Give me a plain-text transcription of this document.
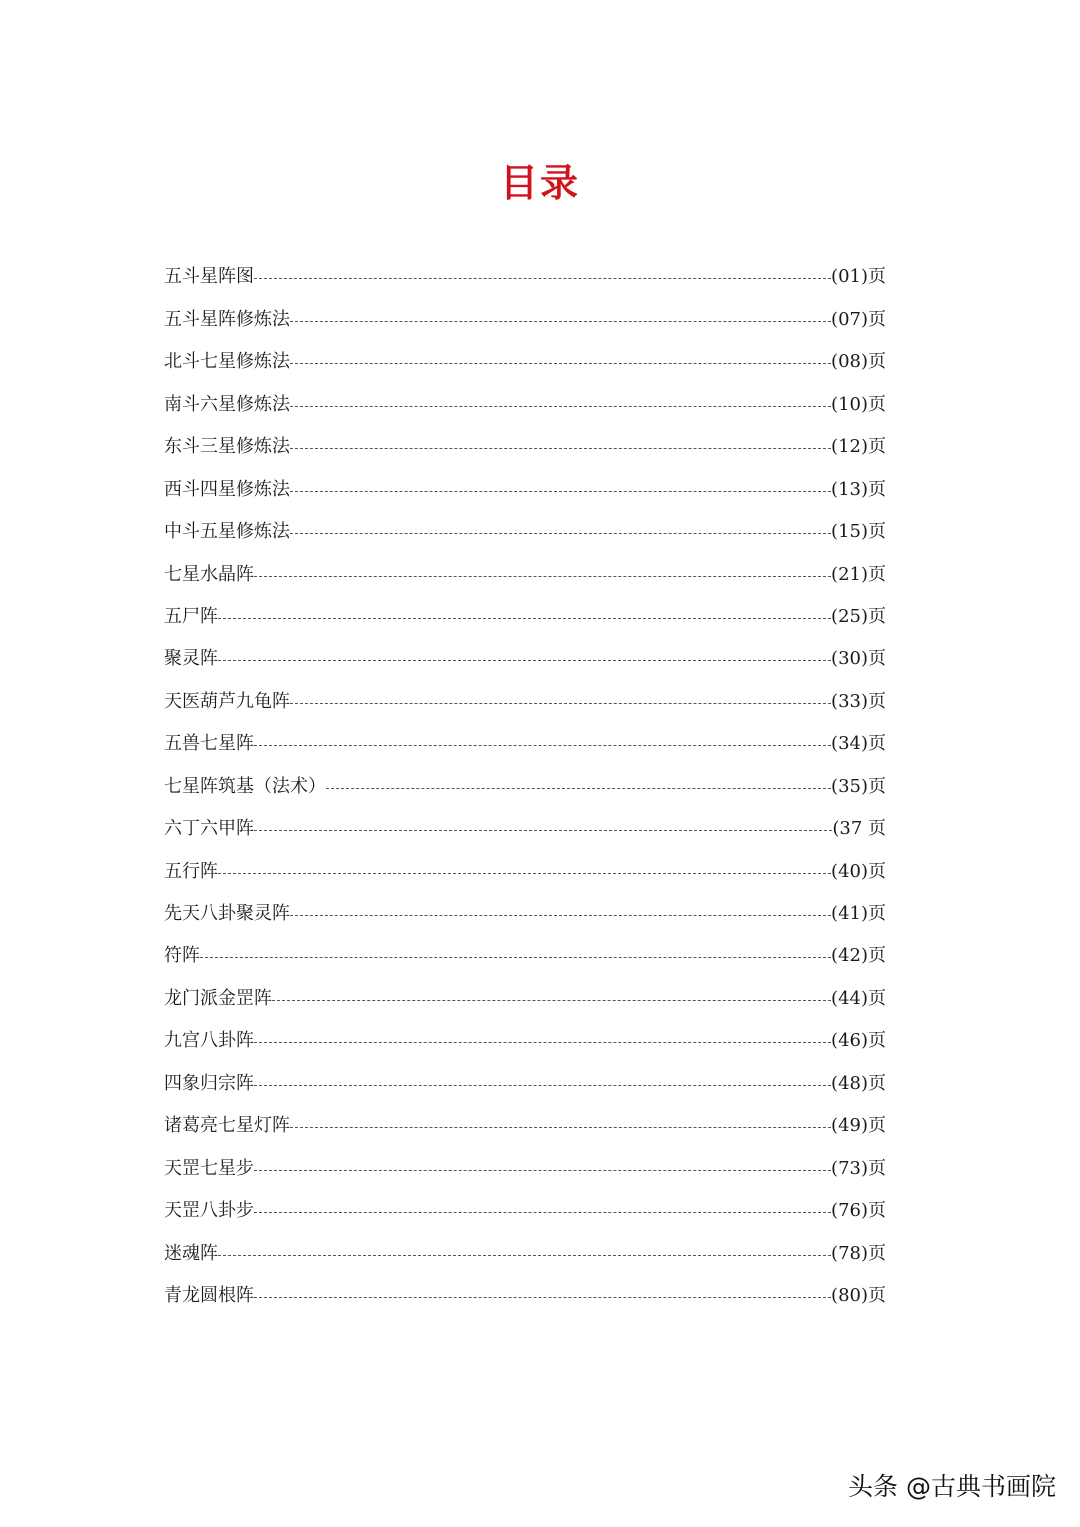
目录
五斗星阵图	(01)页
五斗星阵修炼法	(07)页
北斗七星修炼法	(08)页
南斗六星修炼法	(10)页
东斗三星修炼法	(12)页
西斗四星修炼法	(13)页
中斗五星修炼法	(15)页
七星水晶阵	(21)页
五尸阵	(25)页
聚灵阵	(30)页
天医葫芦九龟阵	(33)页
五兽七星阵	(34)页
七星阵筑基（法术）	(35)页
六丁六甲阵	(37 页
五行阵	(40)页
先天八卦聚灵阵	(41)页
符阵	(42)页
龙门派金罡阵	(44)页
九宫八卦阵	(46)页
四象归宗阵	(48)页
诸葛亮七星灯阵	(49)页
天罡七星步	(73)页
天罡八卦步	(76)页
迷魂阵	(78)页
青龙圆根阵	(80)页
头条 @古典书画院
